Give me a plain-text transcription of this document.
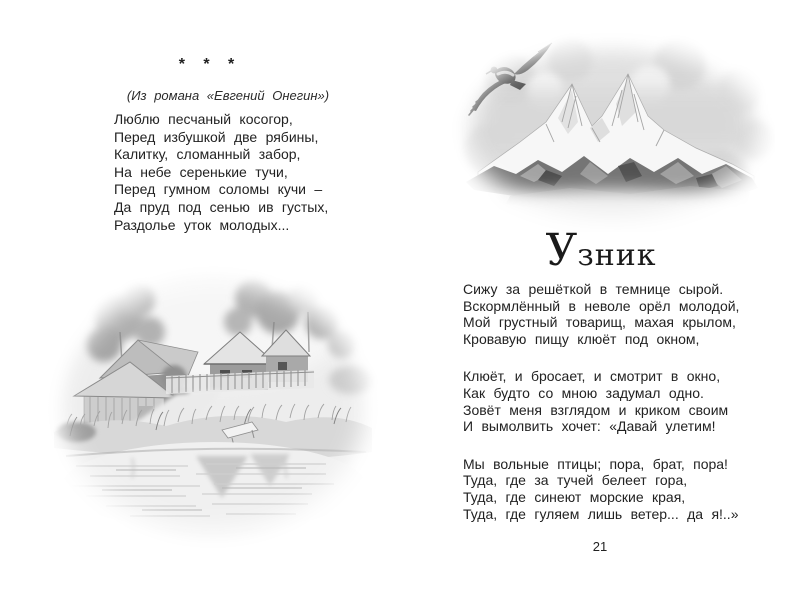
* * *
(Из романа «Евгений Онегин»)
Люблю песчаный косогор,
Перед избушкой две рябины,
Калитку, сломанный забор,
На небе серенькие тучи,
Перед гумном соломы кучи –
Да пруд под сенью ив густых,
Раздолье уток молодых...
Узник
Сижу за решёткой в темнице сырой.
Вскормлённый в неволе орёл молодой,
Мой грустный товарищ, махая крылом,
Кровавую пищу клюёт под окном,
Клюёт, и бросает, и смотрит в окно,
Как будто со мною задумал одно.
Зовёт меня взглядом и криком своим
И вымолвить хочет: «Давай улетим!
Мы вольные птицы; пора, брат, пора!
Туда, где за тучей белеет гора,
Туда, где синеют морские края,
Туда, где гуляем лишь ветер... да я!..»
21
